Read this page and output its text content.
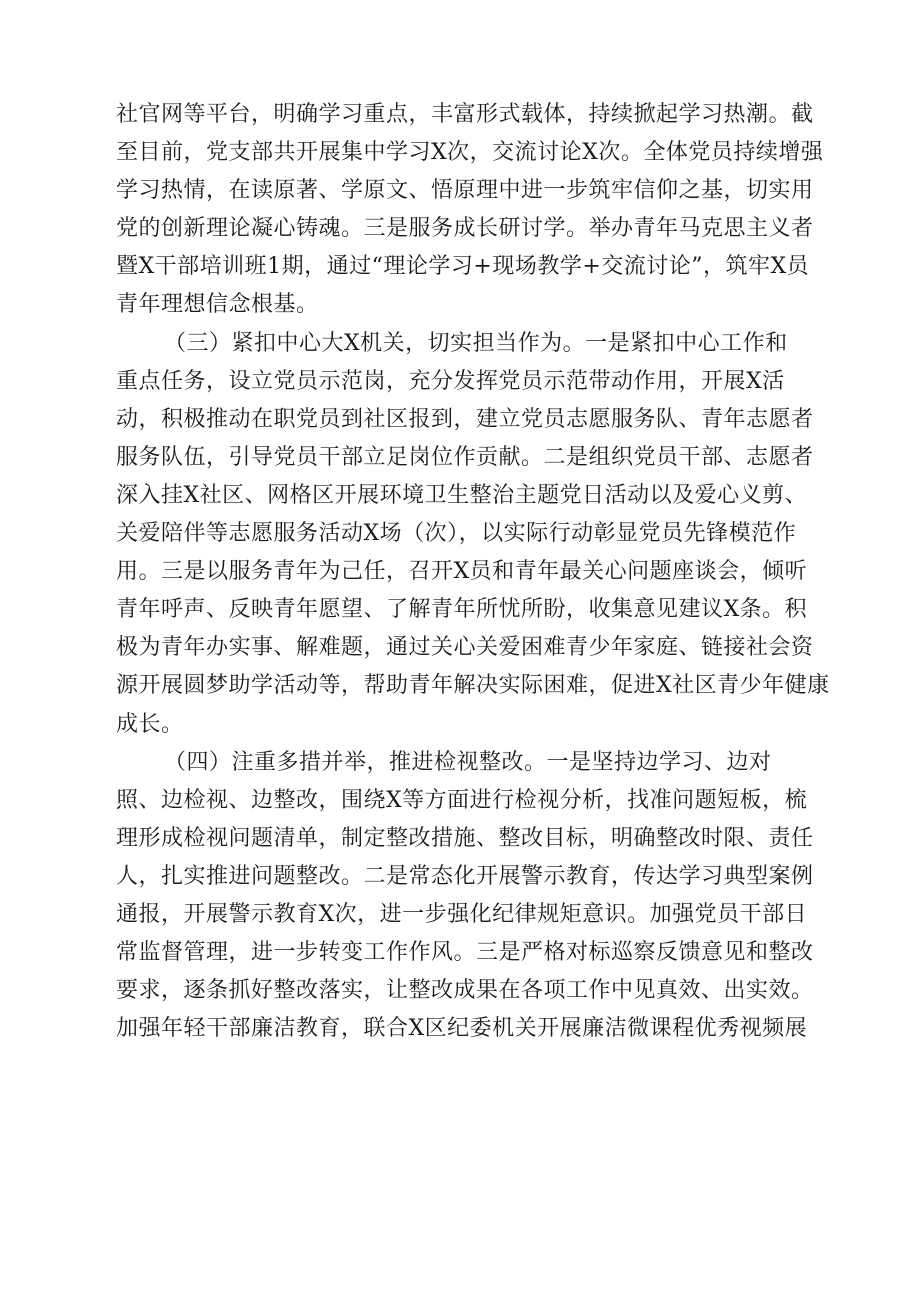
社官网等平台，明确学习重点，丰富形式载体，持续掀起学习热潮。截
至目前，党支部共开展集中学习X次，交流讨论X次。全体党员持续增强
学习热情，在读原著、学原文、悟原理中进一步筑牢信仰之基，切实用
党的创新理论凝心铸魂。三是服务成长研讨学。举办青年马克思主义者
暨X干部培训班1期，通过“理论学习+现场教学+交流讨论”，筑牢X员
青年理想信念根基。
（三）紧扣中心大X机关，切实担当作为。一是紧扣中心工作和
重点任务，设立党员示范岗，充分发挥党员示范带动作用，开展X活
动，积极推动在职党员到社区报到，建立党员志愿服务队、青年志愿者
服务队伍，引导党员干部立足岗位作贡献。二是组织党员干部、志愿者
深入挂X社区、网格区开展环境卫生整治主题党日活动以及爱心义剪、
关爱陪伴等志愿服务活动X场（次），以实际行动彰显党员先锋模范作
用。三是以服务青年为己任，召开X员和青年最关心问题座谈会，倾听
青年呼声、反映青年愿望、了解青年所忧所盼，收集意见建议X条。积
极为青年办实事、解难题，通过关心关爱困难青少年家庭、链接社会资
源开展圆梦助学活动等，帮助青年解决实际困难，促进X社区青少年健康
成长。
（四）注重多措并举，推进检视整改。一是坚持边学习、边对
照、边检视、边整改，围绕X等方面进行检视分析，找准问题短板，梳
理形成检视问题清单，制定整改措施、整改目标，明确整改时限、责任
人，扎实推进问题整改。二是常态化开展警示教育，传达学习典型案例
通报，开展警示教育X次，进一步强化纪律规矩意识。加强党员干部日
常监督管理，进一步转变工作作风。三是严格对标巡察反馈意见和整改
要求，逐条抓好整改落实，让整改成果在各项工作中见真效、出实效。
加强年轻干部廉洁教育，联合X区纪委机关开展廉洁微课程优秀视频展
